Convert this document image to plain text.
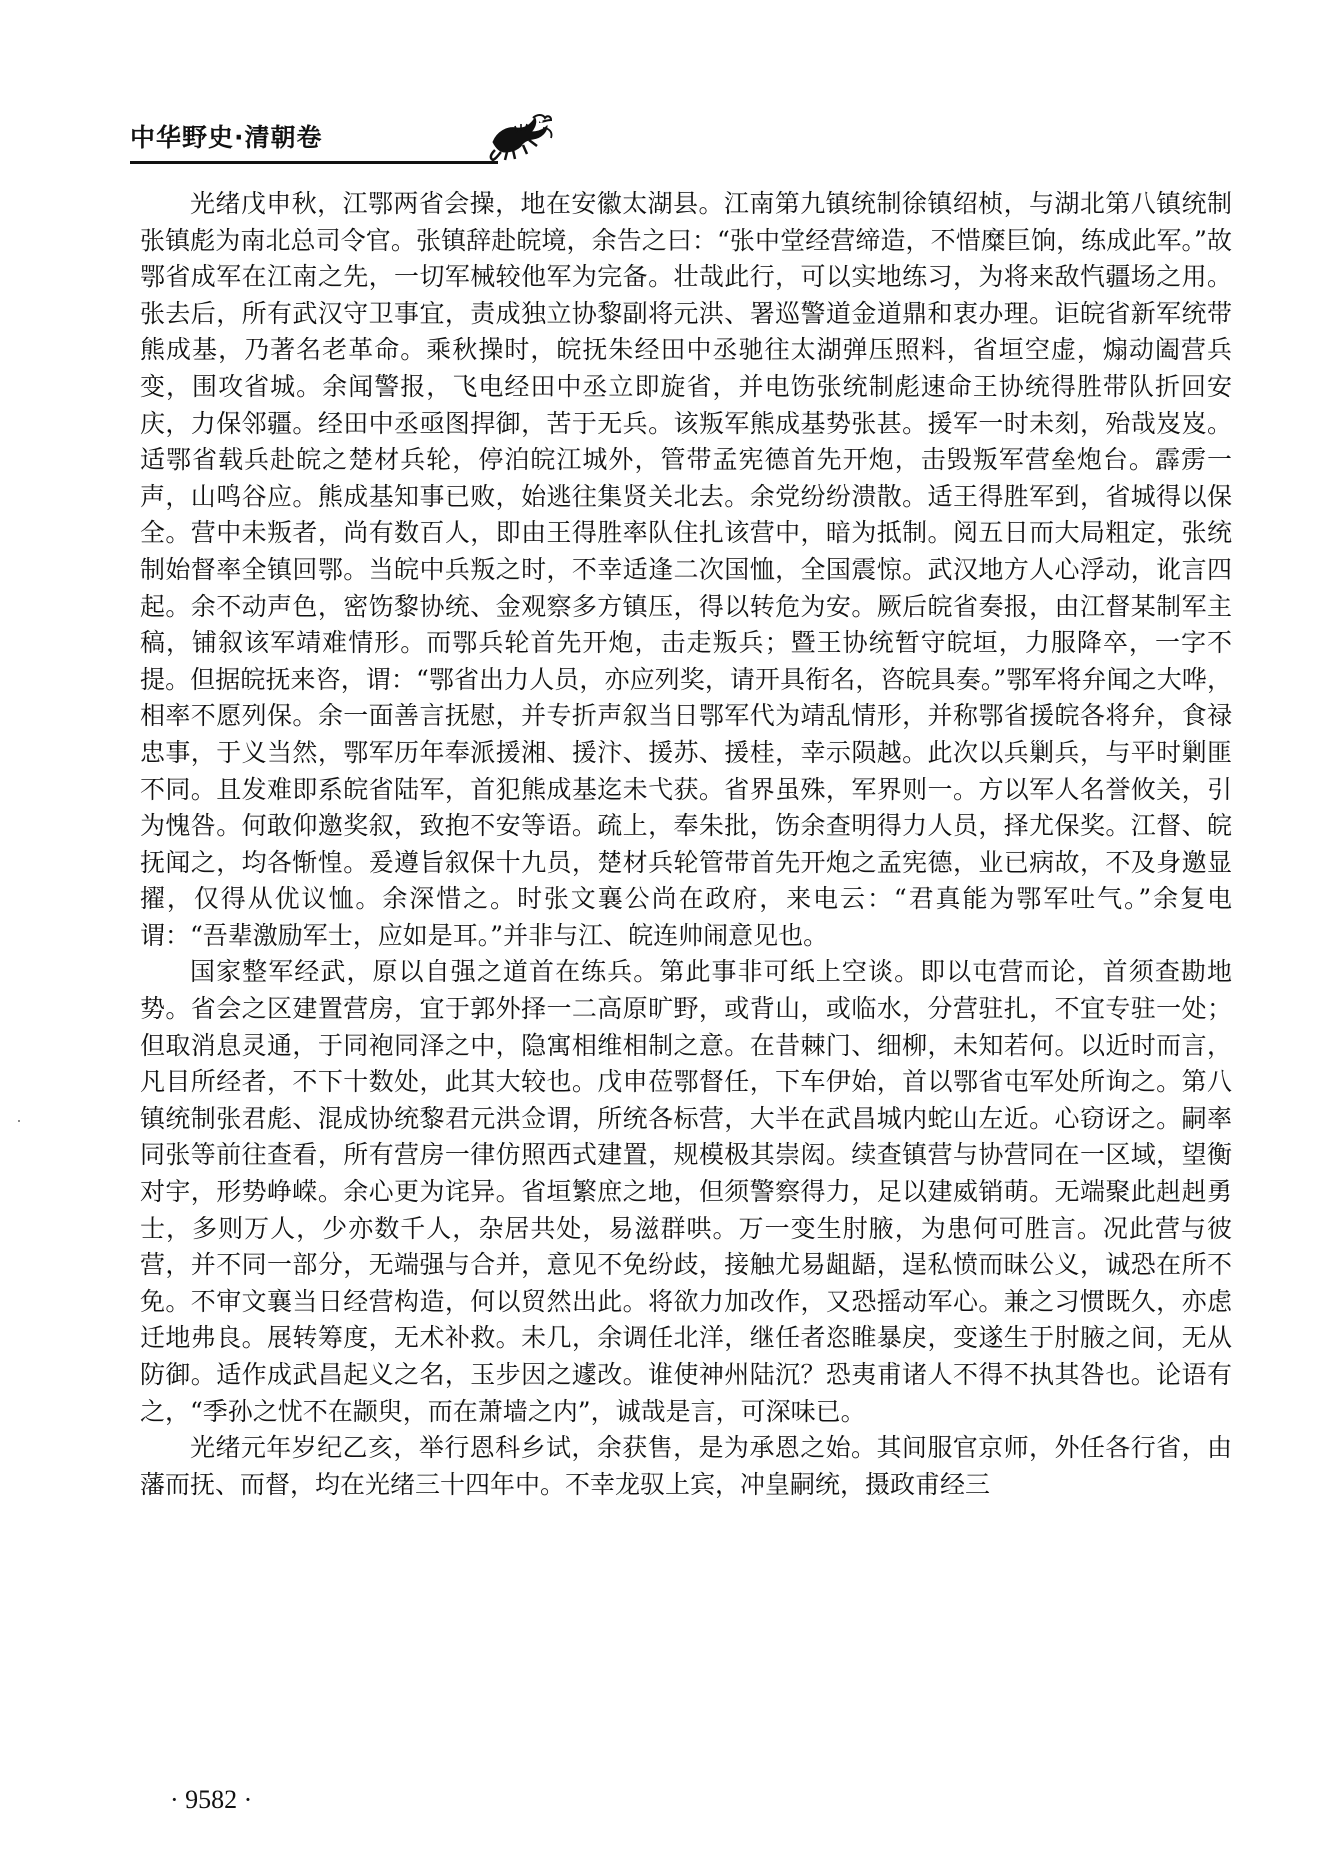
中华野史·清朝卷

光绪戊申秋，江鄂两省会操，地在安徽太湖县。江南第九镇统制徐镇绍桢，与湖北第八镇统制张镇彪为南北总司令官。张镇辞赴皖境，余告之曰：“张中堂经营缔造，不惜糜巨饷，练成此军。”故鄂省成军在江南之先，一切军械较他军为完备。壮哉此行，可以实地练习，为将来敌忾疆场之用。张去后，所有武汉守卫事宜，责成独立协黎副将元洪、署巡警道金道鼎和衷办理。讵皖省新军统带熊成基，乃著名老革命。乘秋操时，皖抚朱经田中丞驰往太湖弹压照料，省垣空虚，煽动阖营兵变，围攻省城。余闻警报，飞电经田中丞立即旋省，并电饬张统制彪速命王协统得胜带队折回安庆，力保邻疆。经田中丞亟图捍御，苦于无兵。该叛军熊成基势张甚。援军一时未刻，殆哉岌岌。适鄂省载兵赴皖之楚材兵轮，停泊皖江城外，管带孟宪德首先开炮，击毁叛军营垒炮台。霹雳一声，山鸣谷应。熊成基知事已败，始逃往集贤关北去。余党纷纷溃散。适王得胜军到，省城得以保全。营中未叛者，尚有数百人，即由王得胜率队住扎该营中，暗为抵制。阅五日而大局粗定，张统制始督率全镇回鄂。当皖中兵叛之时，不幸适逢二次国恤，全国震惊。武汉地方人心浮动，讹言四起。余不动声色，密饬黎协统、金观察多方镇压，得以转危为安。厥后皖省奏报，由江督某制军主稿，铺叙该军靖难情形。而鄂兵轮首先开炮，击走叛兵；暨王协统暂守皖垣，力服降卒，一字不提。但据皖抚来咨，谓：“鄂省出力人员，亦应列奖，请开具衔名，咨皖具奏。”鄂军将弁闻之大哗，相率不愿列保。余一面善言抚慰，并专折声叙当日鄂军代为靖乱情形，并称鄂省援皖各将弁，食禄忠事，于义当然，鄂军历年奉派援湘、援汴、援苏、援桂，幸示陨越。此次以兵剿兵，与平时剿匪不同。且发难即系皖省陆军，首犯熊成基迄未弋获。省界虽殊，军界则一。方以军人名誉攸关，引为愧咎。何敢仰邀奖叙，致抱不安等语。疏上，奉朱批，饬余查明得力人员，择尤保奖。江督、皖抚闻之，均各惭惶。爰遵旨叙保十九员，楚材兵轮管带首先开炮之孟宪德，业已病故，不及身邀显擢，仅得从优议恤。余深惜之。时张文襄公尚在政府，来电云：“君真能为鄂军吐气。”余复电谓：“吾辈激励军士，应如是耳。”并非与江、皖连帅闹意见也。

国家整军经武，原以自强之道首在练兵。第此事非可纸上空谈。即以屯营而论，首须查勘地势。省会之区建置营房，宜于郭外择一二高原旷野，或背山，或临水，分营驻扎，不宜专驻一处；但取消息灵通，于同袍同泽之中，隐寓相维相制之意。在昔棘门、细柳，未知若何。以近时而言，凡目所经者，不下十数处，此其大较也。戊申莅鄂督任，下车伊始，首以鄂省屯军处所询之。第八镇统制张君彪、混成协统黎君元洪佥谓，所统各标营，大半在武昌城内蛇山左近。心窃讶之。嗣率同张等前往查看，所有营房一律仿照西式建置，规模极其崇闳。续查镇营与协营同在一区域，望衡对宇，形势峥嵘。余心更为诧异。省垣繁庶之地，但须警察得力，足以建威销萌。无端聚此赳赳勇士，多则万人，少亦数千人，杂居共处，易滋群哄。万一变生肘腋，为患何可胜言。况此营与彼营，并不同一部分，无端强与合并，意见不免纷歧，接触尤易龃龉，逞私愤而昧公义，诚恐在所不免。不审文襄当日经营构造，何以贸然出此。将欲力加改作，又恐摇动军心。兼之习惯既久，亦虑迁地弗良。展转筹度，无术补救。未几，余调任北洋，继任者恣睢暴戾，变遂生于肘腋之间，无从防御。适作成武昌起义之名，玉步因之遽改。谁使神州陆沉？恐夷甫诸人不得不执其咎也。论语有之，“季孙之忧不在颛臾，而在萧墙之内”，诚哉是言，可深味已。

光绪元年岁纪乙亥，举行恩科乡试，余获售，是为承恩之始。其间服官京师，外任各行省，由藩而抚、而督，均在光绪三十四年中。不幸龙驭上宾，冲皇嗣统，摄政甫经三

· 9582 ·
